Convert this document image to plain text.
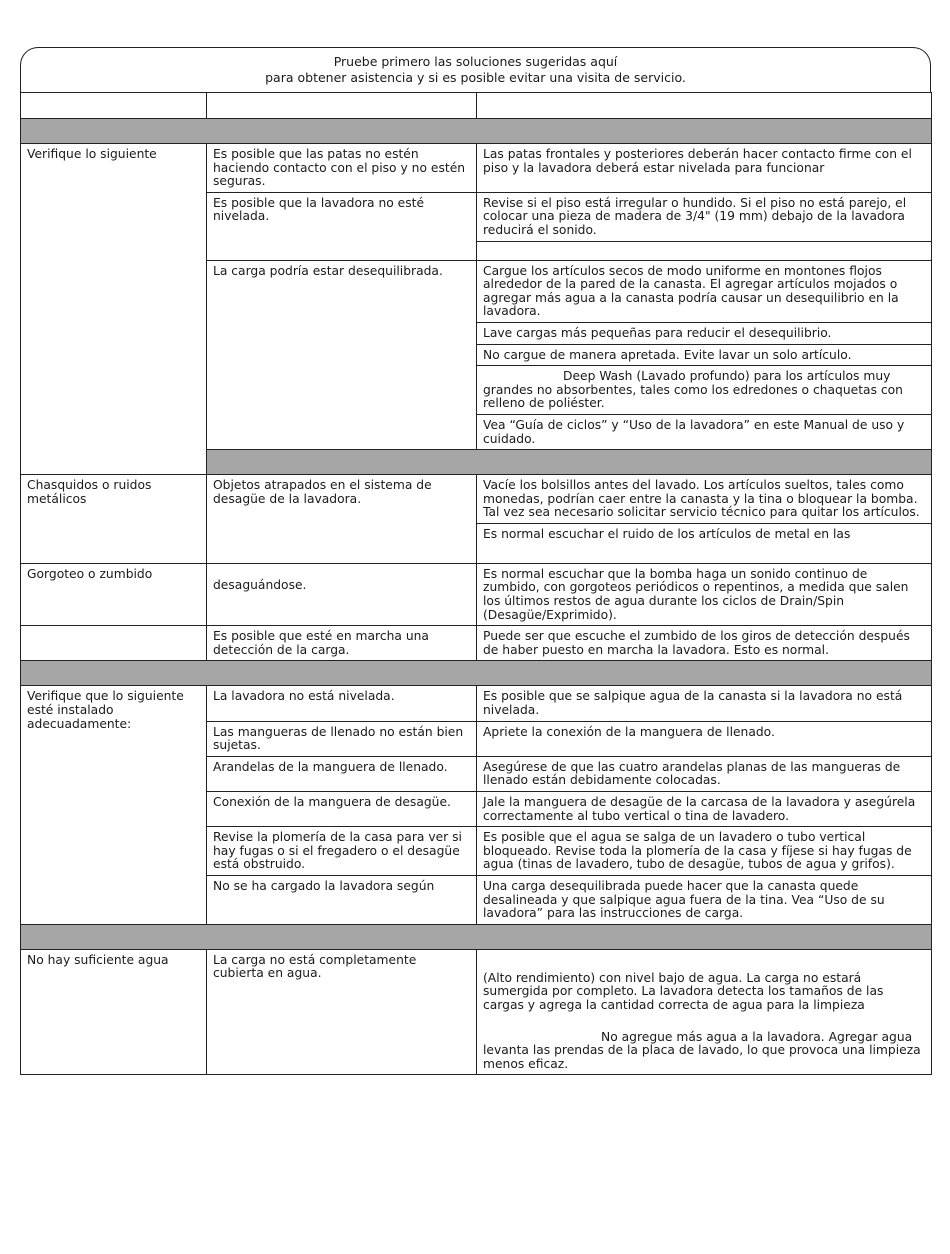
Pruebe primero las soluciones sugeridas aquí
para obtener asistencia y si es posible evitar una visita de servicio.

Verifique lo siguiente	Es posible que las patas no estén haciendo contacto con el piso y no estén seguras.	Las patas frontales y posteriores deberán hacer contacto firme con el piso y la lavadora deberá estar nivelada para funcionar
	Es posible que la lavadora no esté nivelada.	Revise si el piso está irregular o hundido. Si el piso no está parejo, el colocar una pieza de madera de 3/4" (19 mm) debajo de la lavadora reducirá el sonido.

	La carga podría estar desequilibrada.	Cargue los artículos secos de modo uniforme en montones flojos alrededor de la pared de la canasta. El agregar artículos mojados o agregar más agua a la canasta podría causar un desequilibrio en la lavadora.
		Lave cargas más pequeñas para reducir el desequilibrio.
		No cargue de manera apretada. Evite lavar un solo artículo.
		Deep Wash (Lavado profundo) para los artículos muy grandes no absorbentes, tales como los edredones o chaquetas con relleno de poliéster.
		Vea “Guía de ciclos” y “Uso de la lavadora” en este Manual de uso y cuidado.

Chasquidos o ruidos metálicos	Objetos atrapados en el sistema de desagüe de la lavadora.	Vacíe los bolsillos antes del lavado. Los artículos sueltos, tales como monedas, podrían caer entre la canasta y la tina o bloquear la bomba. Tal vez sea necesario solicitar servicio técnico para quitar los artículos.
		Es normal escuchar el ruido de los artículos de metal en las
Gorgoteo o zumbido	desaguándose.	Es normal escuchar que la bomba haga un sonido continuo de zumbido, con gorgoteos periódicos o repentinos, a medida que salen los últimos restos de agua durante los ciclos de Drain/Spin (Desagüe/Exprimido).
	Es posible que esté en marcha una detección de la carga.	Puede ser que escuche el zumbido de los giros de detección después de haber puesto en marcha la lavadora. Esto es normal.

Verifique que lo siguiente esté instalado adecuadamente:	La lavadora no está nivelada.	Es posible que se salpique agua de la canasta si la lavadora no está nivelada.
	Las mangueras de llenado no están bien sujetas.	Apriete la conexión de la manguera de llenado.
	Arandelas de la manguera de llenado.	Asegúrese de que las cuatro arandelas planas de las mangueras de llenado están debidamente colocadas.
	Conexión de la manguera de desagüe.	Jale la manguera de desagüe de la carcasa de la lavadora y asegúrela correctamente al tubo vertical o tina de lavadero.
	Revise la plomería de la casa para ver si hay fugas o si el fregadero o el desagüe está obstruido.	Es posible que el agua se salga de un lavadero o tubo vertical bloqueado. Revise toda la plomería de la casa y fíjese si hay fugas de agua (tinas de lavadero, tubo de desagüe, tubos de agua y grifos).
	No se ha cargado la lavadora según	Una carga desequilibrada puede hacer que la canasta quede desalineada y que salpique agua fuera de la tina. Vea “Uso de su lavadora” para las instrucciones de carga.

No hay suficiente agua	La carga no está completamente cubierta en agua.	(Alto rendimiento) con nivel bajo de agua. La carga no estará sumergida por completo. La lavadora detecta los tamaños de las cargas y agrega la cantidad correcta de agua para la limpieza
No agregue más agua a la lavadora. Agregar agua levanta las prendas de la placa de lavado, lo que provoca una limpieza menos eficaz.
